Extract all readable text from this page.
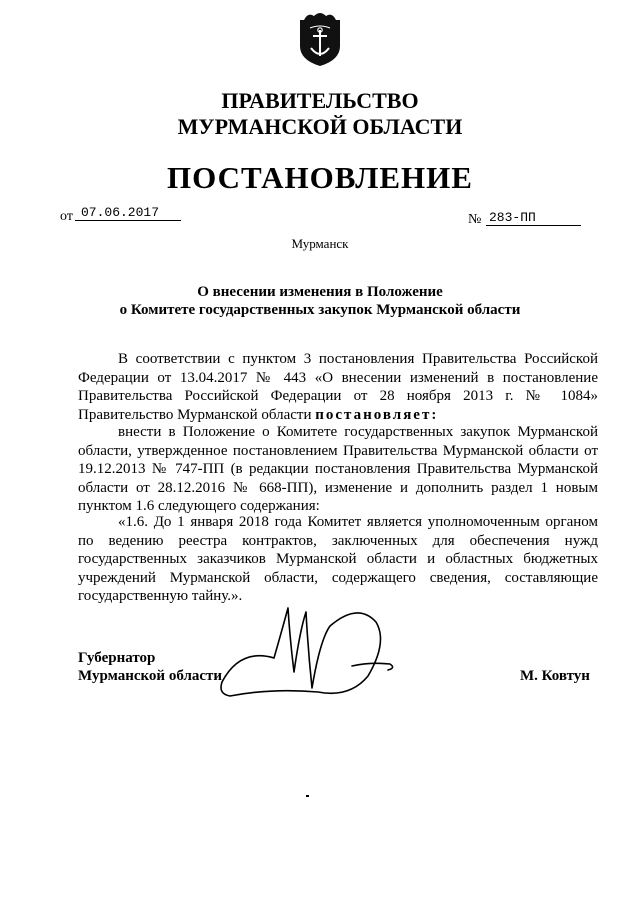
ПРАВИТЕЛЬСТВО
МУРМАНСКОЙ ОБЛАСТИ
ПОСТАНОВЛЕНИЕ
от 07.06.2017	№ 283-ПП
Мурманск
О внесении изменения в Положение
о Комитете государственных закупок Мурманской области
В соответствии с пунктом 3 постановления Правительства Российской Федерации от 13.04.2017 № 443 «О внесении изменений в постановление Правительства Российской Федерации от 28 ноября 2013 г. № 1084» Правительство Мурманской области постановляет:
внести в Положение о Комитете государственных закупок Мурманской области, утвержденное постановлением Правительства Мурманской области от 19.12.2013 № 747-ПП (в редакции постановления Правительства Мурманской области от 28.12.2016 № 668-ПП), изменение и дополнить раздел 1 новым пунктом 1.6 следующего содержания:
«1.6. До 1 января 2018 года Комитет является уполномоченным органом по ведению реестра контрактов, заключенных для обеспечения нужд государственных заказчиков Мурманской области и областных бюджетных учреждений Мурманской области, содержащего сведения, составляющие государственную тайну.».
Губернатор
Мурманской области	М. Ковтун
